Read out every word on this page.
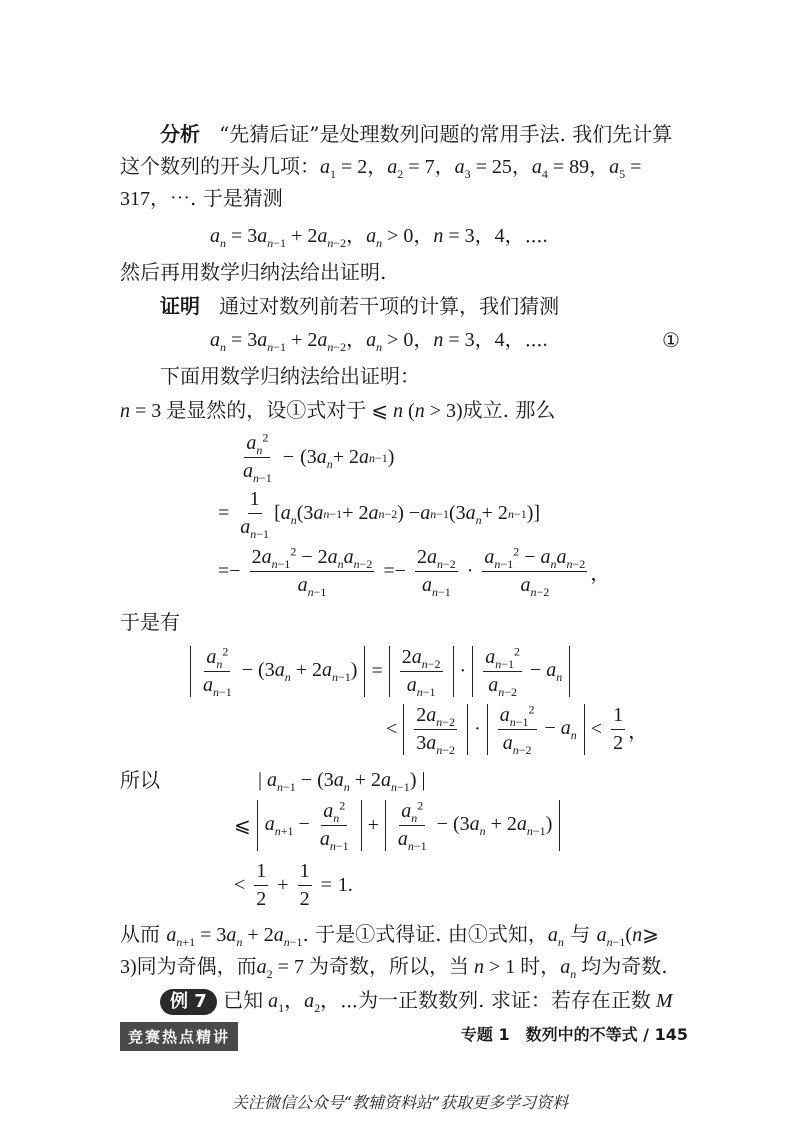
分析 “先猜后证”是处理数列问题的常用手法. 我们先计算
这个数列的开头几项：$a_1 = 2$，$a_2 = 7$，$a_3 = 25$，$a_4 = 89$，$a_5$ =
317，⋯. 于是猜测
$a_n = 3a_{n-1} + 2a_{n-2}$，$a_n > 0$，n = 3，4，⋯.
然后再用数学归纳法给出证明.
证明 通过对数列前若干项的计算，我们猜测
$a_n = 3a_{n-1} + 2a_{n-2}$，$a_n > 0$，n = 3，4，⋯.	①
下面用数学归纳法给出证明：
n = 3 是显然的，设①式对于 ⩽ n (n > 3)成立. 那么
$\frac{a_n^2}{a_{n-1}} - (3$ $a_n + 2$ a n−1 )
= $\frac{1}{a_{n-1}}$ [ $a_n$ (3 a n−1 + 2 a n−2 ) − a n−1 (3 $a_n + 2$ n−1 )]
=− $\frac{2a_{n-1}^2 - 2a_na_{n-2}}{a_{n-1}} =- \frac{2a_{n-2}}{a_{n-1}} \cdot \frac{a_{n-1}^2 - a_na_{n-2}}{a_{n-2}}$ ，
于是有
$\frac{a_n^2}{a_{n-1}} - (3a_n + 2a_{n-1}) = \frac{2a_{n-2}}{a_{n-1}} \cdot \frac{a_{n-1}^2}{a_{n-2}} - a_n$
< $\frac{2a_{n-2}}{3a_{n-2}} \cdot \frac{a_{n-1}^2}{a_{n-2}} - a_n < \frac{1}{2}$ ，
所以	| $a_{n-1} - (3a_n + 2a_{n-1})$ |
⩽ $a_{n+1} - \frac{a_n^2}{a_{n-1}} + \frac{a_n^2}{a_{n-1}} - (3a_n + 2a_{n-1})$
< $\frac{1}{2} + \frac{1}{2} = 1$.
从而 $a_{n+1} = 3a_n + 2a_{n-1}$. 于是①式得证. 由①式知，$a_n$ 与 $a_{n-1}(n⩾$
3)同为奇偶，而$a_2 = 7$ 为奇数，所以，当 n > 1 时，$a_n$ 均为奇数.
例 7 已知 $a_1$，$a_2$，⋯为一正数数列. 求证：若存在正数 M
竞赛热点精讲	专题 1　数列中的不等式 / 145
关注微信公众号“教辅资料站”获取更多学习资料
